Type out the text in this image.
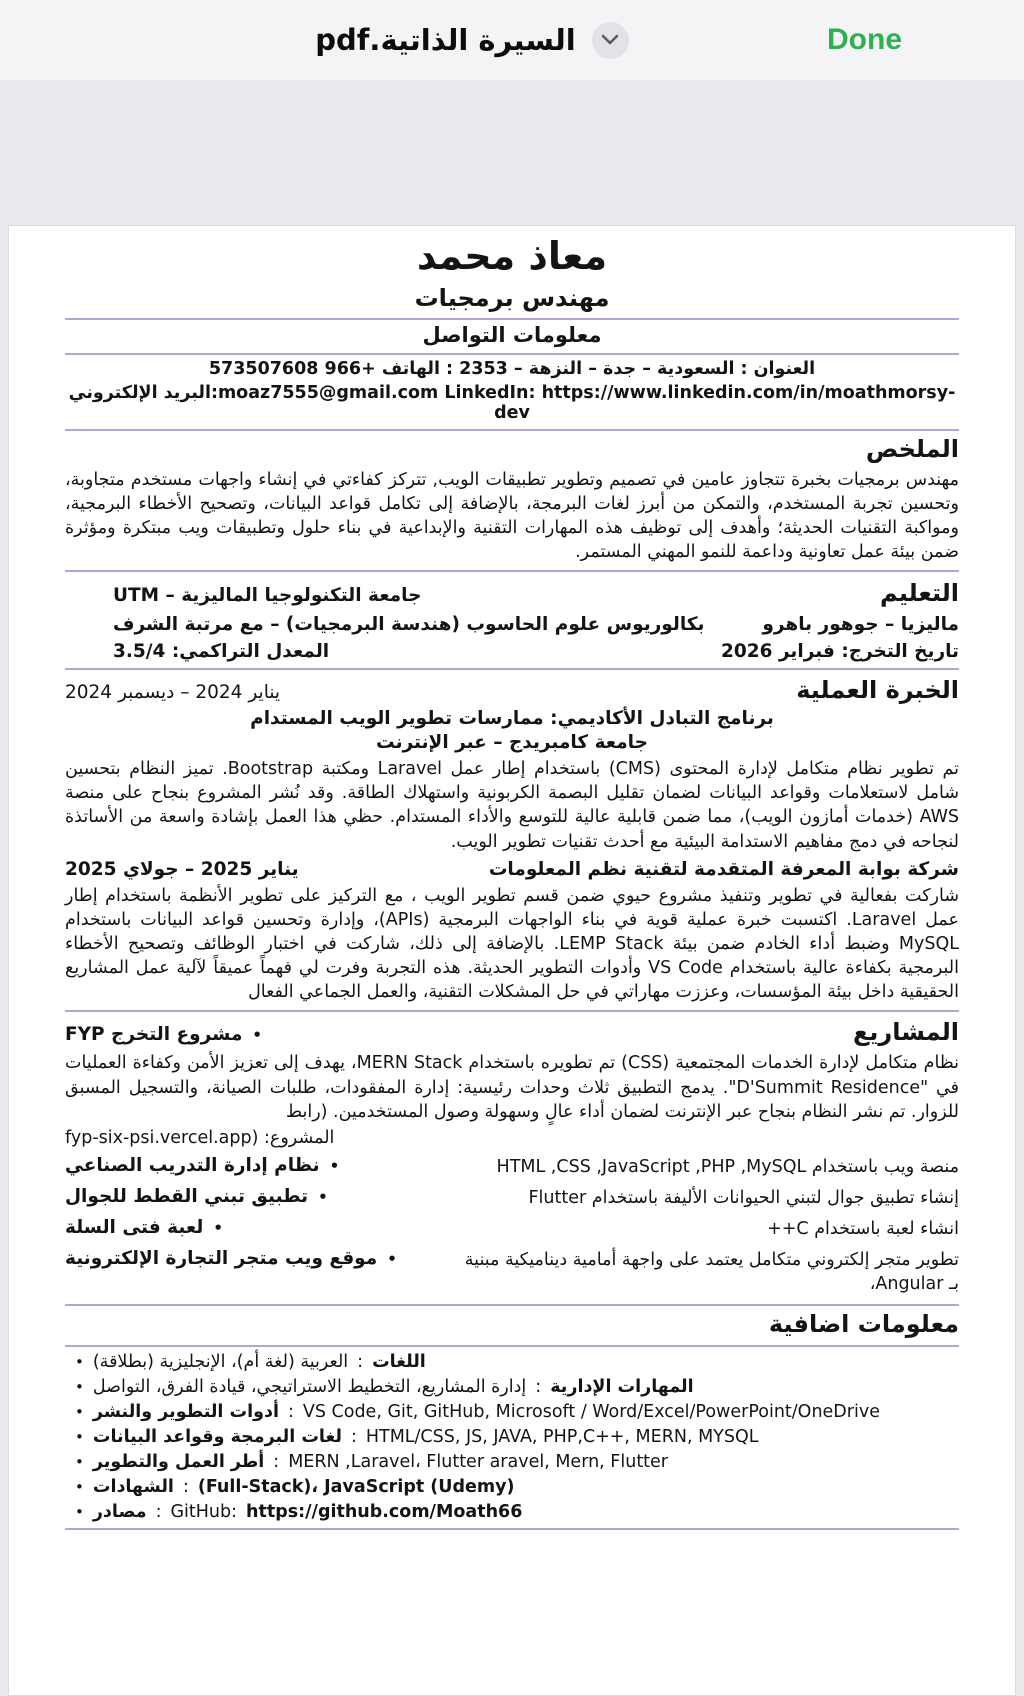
السيرة الذاتية.pdf	Done
معاذ محمد
مهندس برمجيات
معلومات التواصل
العنوان : السعودية – جدة – النزهة – 2353 : الهاتف +966 573507608
البريد الإلكتروني:moaz7555@gmail.com LinkedIn: https://www.linkedin.com/in/moathmorsy-dev
الملخص

مهندس برمجيات بخبرة تتجاوز عامين في تصميم وتطوير تطبيقات الويب, تتركز كفاءتي في إنشاء واجهات مستخدم متجاوبة، وتحسين تجربة المستخدم، والتمكن من أبرز لغات البرمجة، بالإضافة إلى تكامل قواعد البيانات، وتصحيح الأخطاء البرمجية، ومواكبة التقنيات الحديثة؛ وأهدف إلى توظيف هذه المهارات التقنية والإبداعية في بناء حلول وتطبيقات ويب مبتكرة ومؤثرة ضمن بيئة عمل تعاونية وداعمة للنمو المهني المستمر.

التعليم
جامعة التكنولوجيا الماليزية – UTM
ماليزيا – جوهور باهرو
بكالوريوس علوم الحاسوب (هندسة البرمجيات) – مع مرتبة الشرف
تاريخ التخرج: فبراير 2026
المعدل التراكمي: 3.5/4
الخبرة العملية
يناير 2024 – ديسمبر 2024

برنامج التبادل الأكاديمي: ممارسات تطوير الويب المستدام

جامعة كامبريدج – عبر الإنترنت

تم تطوير نظام متكامل لإدارة المحتوى (CMS) باستخدام إطار عمل Laravel ومكتبة Bootstrap. تميز النظام بتحسين شامل لاستعلامات وقواعد البيانات لضمان تقليل البصمة الكربونية واستهلاك الطاقة. وقد نُشر المشروع بنجاح على منصة AWS (خدمات أمازون الويب)، مما ضمن قابلية عالية للتوسع والأداء المستدام. حظي هذا العمل بإشادة واسعة من الأساتذة لنجاحه في دمج مفاهيم الاستدامة البيئية مع أحدث تقنيات تطوير الويب.

شركة بوابة المعرفة المتقدمة لتقنية نظم المعلومات
يناير 2025 – جولاي 2025

شاركت بفعالية في تطوير وتنفيذ مشروع حيوي ضمن قسم تطوير الويب ، مع التركيز على تطوير الأنظمة باستخدام إطار عمل Laravel. اكتسبت خبرة عملية قوية في بناء الواجهات البرمجية (APIs)، وإدارة وتحسين قواعد البيانات باستخدام MySQL وضبط أداء الخادم ضمن بيئة LEMP Stack. بالإضافة إلى ذلك، شاركت في اختبار الوظائف وتصحيح الأخطاء البرمجية بكفاءة عالية باستخدام VS Code وأدوات التطوير الحديثة. هذه التجربة وفرت لي فهماً عميقاً لآلية عمل المشاريع الحقيقية داخل بيئة المؤسسات، وعززت مهاراتي في حل المشكلات التقنية، والعمل الجماعي الفعال

المشاريع
•
مشروع التخرج FYP

نظام متكامل لإدارة الخدمات المجتمعية (CSS) تم تطويره باستخدام MERN Stack، يهدف إلى تعزيز الأمن وكفاءة العمليات في "D'Summit Residence". يدمج التطبيق ثلاث وحدات رئيسية: إدارة المفقودات، طلبات الصيانة، والتسجيل المسبق للزوار. تم نشر النظام بنجاح عبر الإنترنت لضمان أداء عالٍ وسهولة وصول المستخدمين. (رابط

المشروع: (fyp-six-psi.vercel.app

منصة ويب باستخدام HTML ,CSS ,JavaScript ,PHP ,MySQL
•
نظام إدارة التدريب الصناعي
إنشاء تطبيق جوال لتبني الحيوانات الأليفة باستخدام Flutter
•
تطبيق تبني القطط للجوال
انشاء لعبة باستخدام C++
•
لعبة فتى السلة
تطوير متجر إلكتروني متكامل يعتمد على واجهة أمامية ديناميكية مبنية بـ Angular،
•
موقع ويب متجر التجارة الإلكترونية
معلومات اضافية
• العربية (لغة أم)، الإنجليزية (بطلاقة) : اللغات
• إدارة المشاريع، التخطيط الاستراتيجي، قيادة الفرق، التواصل : المهارات الإدارية
• أدوات التطوير والنشر : VS Code, Git, GitHub, Microsoft / Word/Excel/PowerPoint/OneDrive
• لغات البرمجة وقواعد البيانات : HTML/CSS, JS, JAVA, PHP,C++, MERN, MYSQL
• أطر العمل والتطوير : MERN ,Laravel، Flutter aravel, Mern, Flutter
• الشهادات : (Full-Stack)، JavaScript (Udemy)
• مصادر : GitHub: https://github.com/Moath66
